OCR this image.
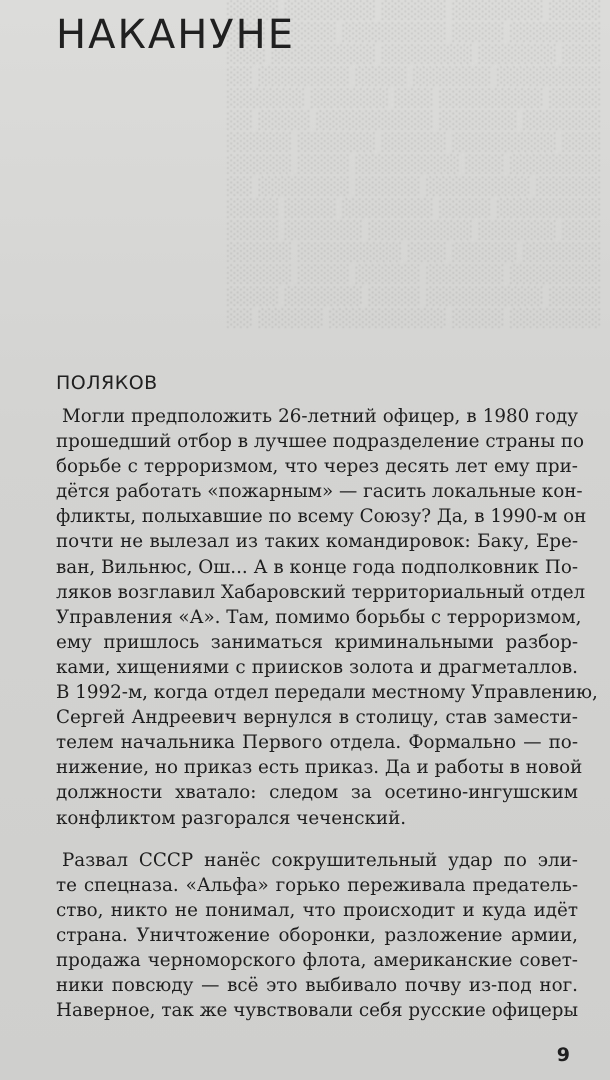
░░░░ ░░░░░░░ ░░░░░ ░░░░░░░ ░░░░
░░░░░░░ ░░░░ ░░░░░░░░ ░░░░░ ░░░
░░░ ░░░░░░ ░░░░░░░ ░░░░░░░░ ░░░
░░░░░░░░ ░░░░░░ ░░░░ ░░░░░░░ ░░
░░░░ ░░░░░░░░ ░░░ ░░░░░░ ░░░░░░
░░░░░░ ░░░░░░ ░░░░░░░░░ ░░░░ ░░
░░░ ░░░░░░░░ ░░░░░ ░░░░░░ ░░░░░
░░░░░░░ ░░░ ░░░░░░░░ ░░░░ ░░░░░
░░░░░ ░░░░░░░░ ░░░░░ ░░░░░░░ ░░
░░░░░░░░ ░░░░ ░░░░░░░ ░░░░ ░░░░
░░░ ░░░░░░ ░░░░░░░░ ░░░░░░ ░░░░
░░░░░░ ░░░░░ ░░░ ░░░░░░░░ ░░░░░
░░░░░░░ ░░░░░░ ░░░░░ ░░░░ ░░░░░
░░░░ ░░░░░░░░░ ░░░░ ░░░░░░ ░░░░
░░░░░░░ ░░░░ ░░░░░░░░░ ░░░░░ ░░
НАКАНУНЕ
ПОЛЯКОВ
Могли предположить 26-летний офицер, в 1980 году
прошедший отбор в лучшее подразделение страны по
борьбе с терроризмом, что через десять лет ему при-
дётся работать «пожарным» — гасить локальные кон-
фликты, полыхавшие по всему Союзу? Да, в 1990-м он
почти не вылезал из таких командировок: Баку, Ере-
ван, Вильнюс, Ош... А в конце года подполковник По-
ляков возглавил Хабаровский территориальный отдел
Управления «А». Там, помимо борьбы с терроризмом,
ему пришлось заниматься криминальными разбор-
ками, хищениями с приисков золота и драгметаллов.
В 1992-м, когда отдел передали местному Управлению,
Сергей Андреевич вернулся в столицу, став замести-
телем начальника Первого отдела. Формально — по-
нижение, но приказ есть приказ. Да и работы в новой
должности хватало: следом за осетино-ингушским
конфликтом разгорался чеченский.
Развал СССР нанёс сокрушительный удар по эли-
те спецназа. «Альфа» горько переживала предатель-
ство, никто не понимал, что происходит и куда идёт
страна. Уничтожение оборонки, разложение армии,
продажа черноморского флота, американские совет-
ники повсюду — всё это выбивало почву из-под ног.
Наверное, так же чувствовали себя русские офицеры
9
